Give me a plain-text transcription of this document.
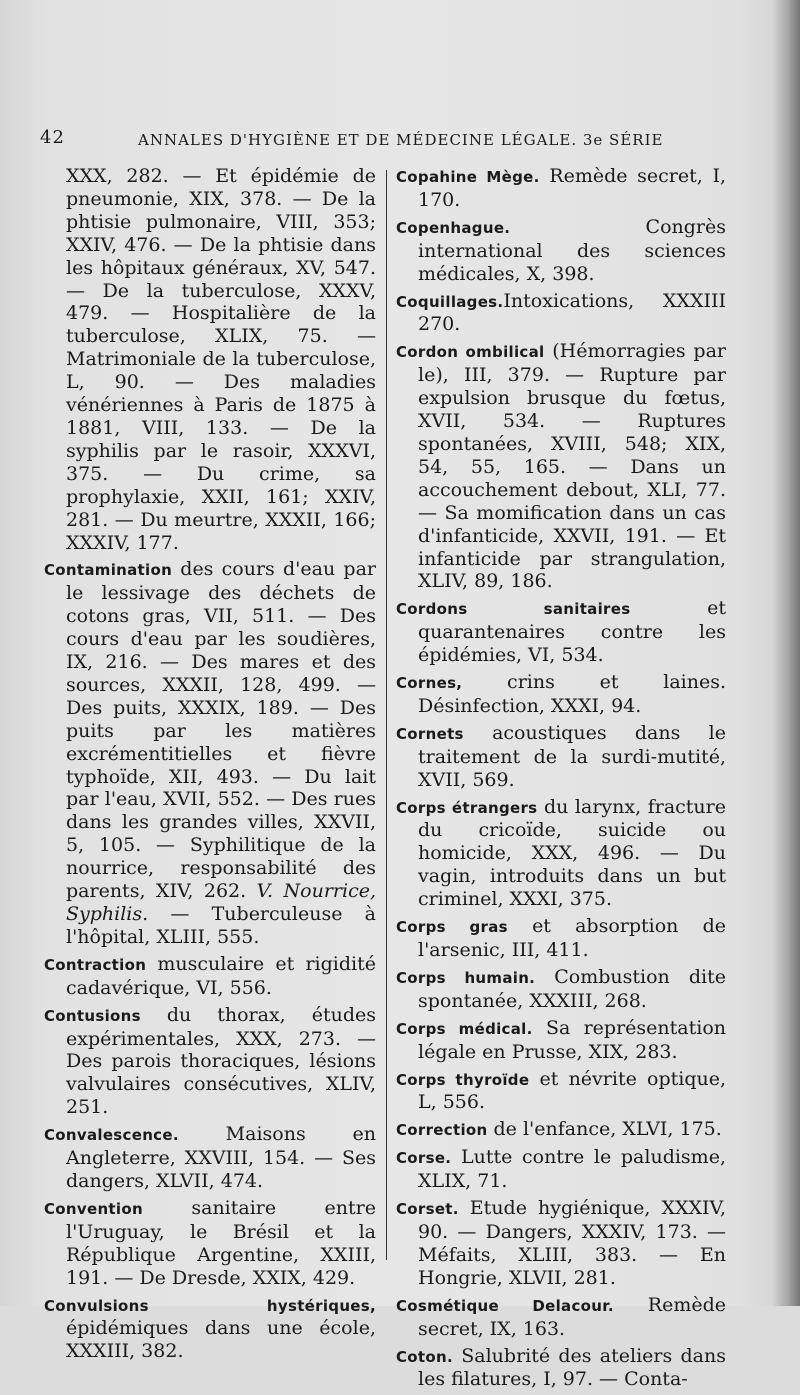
42	ANNALES D'HYGIÈNE ET DE MÉDECINE LÉGALE. 3e SÉRIE

XXX, 282. — Et épidémie de pneumonie, XIX, 378. — De la phtisie pulmonaire, VIII, 353; XXIV, 476. — De la phtisie dans les hôpitaux généraux, XV, 547. — De la tuberculose, XXXV, 479. — Hospitalière de la tuberculose, XLIX, 75. — Matrimoniale de la tuberculose, L, 90. — Des maladies vénériennes à Paris de 1875 à 1881, VIII, 133. — De la syphilis par le rasoir, XXXVI, 375. — Du crime, sa prophylaxie, XXII, 161; XXIV, 281. — Du meurtre, XXXII, 166; XXXIV, 177.

Contamination des cours d'eau par le lessivage des déchets de cotons gras, VII, 511. — Des cours d'eau par les soudières, IX, 216. — Des mares et des sources, XXXII, 128, 499. — Des puits, XXXIX, 189. — Des puits par les matières excrémentitielles et fièvre typhoïde, XII, 493. — Du lait par l'eau, XVII, 552. — Des rues dans les grandes villes, XXVII, 5, 105. — Syphilitique de la nourrice, responsabilité des parents, XIV, 262. V. Nourrice, Syphilis. — Tuberculeuse à l'hôpital, XLIII, 555.

Contraction musculaire et rigidité cadavérique, VI, 556.

Contusions du thorax, études expérimentales, XXX, 273. — Des parois thoraciques, lésions valvulaires consécutives, XLIV, 251.

Convalescence. Maisons en Angleterre, XXVIII, 154. — Ses dangers, XLVII, 474.

Convention sanitaire entre l'Uruguay, le Brésil et la République Argentine, XXIII, 191. — De Dresde, XXIX, 429.

Convulsions hystériques, épidémiques dans une école, XXXIII, 382.

Copahine Mège. Remède secret, I, 170.

Copenhague. Congrès international des sciences médicales, X, 398.

Coquillages.Intoxications, XXXIII 270.

Cordon ombilical (Hémorragies par le), III, 379. — Rupture par expulsion brusque du fœtus, XVII, 534. — Ruptures spontanées, XVIII, 548; XIX, 54, 55, 165. — Dans un accouchement debout, XLI, 77. — Sa momification dans un cas d'infanticide, XXVII, 191. — Et infanticide par strangulation, XLIV, 89, 186.

Cordons sanitaires et quarantenaires contre les épidémies, VI, 534.

Cornes, crins et laines. Désinfection, XXXI, 94.

Cornets acoustiques dans le traitement de la surdi-mutité, XVII, 569.

Corps étrangers du larynx, fracture du cricoïde, suicide ou homicide, XXX, 496. — Du vagin, introduits dans un but criminel, XXXI, 375.

Corps gras et absorption de l'arsenic, III, 411.

Corps humain. Combustion dite spontanée, XXXIII, 268.

Corps médical. Sa représentation légale en Prusse, XIX, 283.

Corps thyroïde et névrite optique, L, 556.

Correction de l'enfance, XLVI, 175.

Corse. Lutte contre le paludisme, XLIX, 71.

Corset. Etude hygiénique, XXXIV, 90. — Dangers, XXXIV, 173. — Méfaits, XLIII, 383. — En Hongrie, XLVII, 281.

Cosmétique Delacour. Remède secret, IX, 163.

Coton. Salubrité des ateliers dans les filatures, I, 97. — Conta-
